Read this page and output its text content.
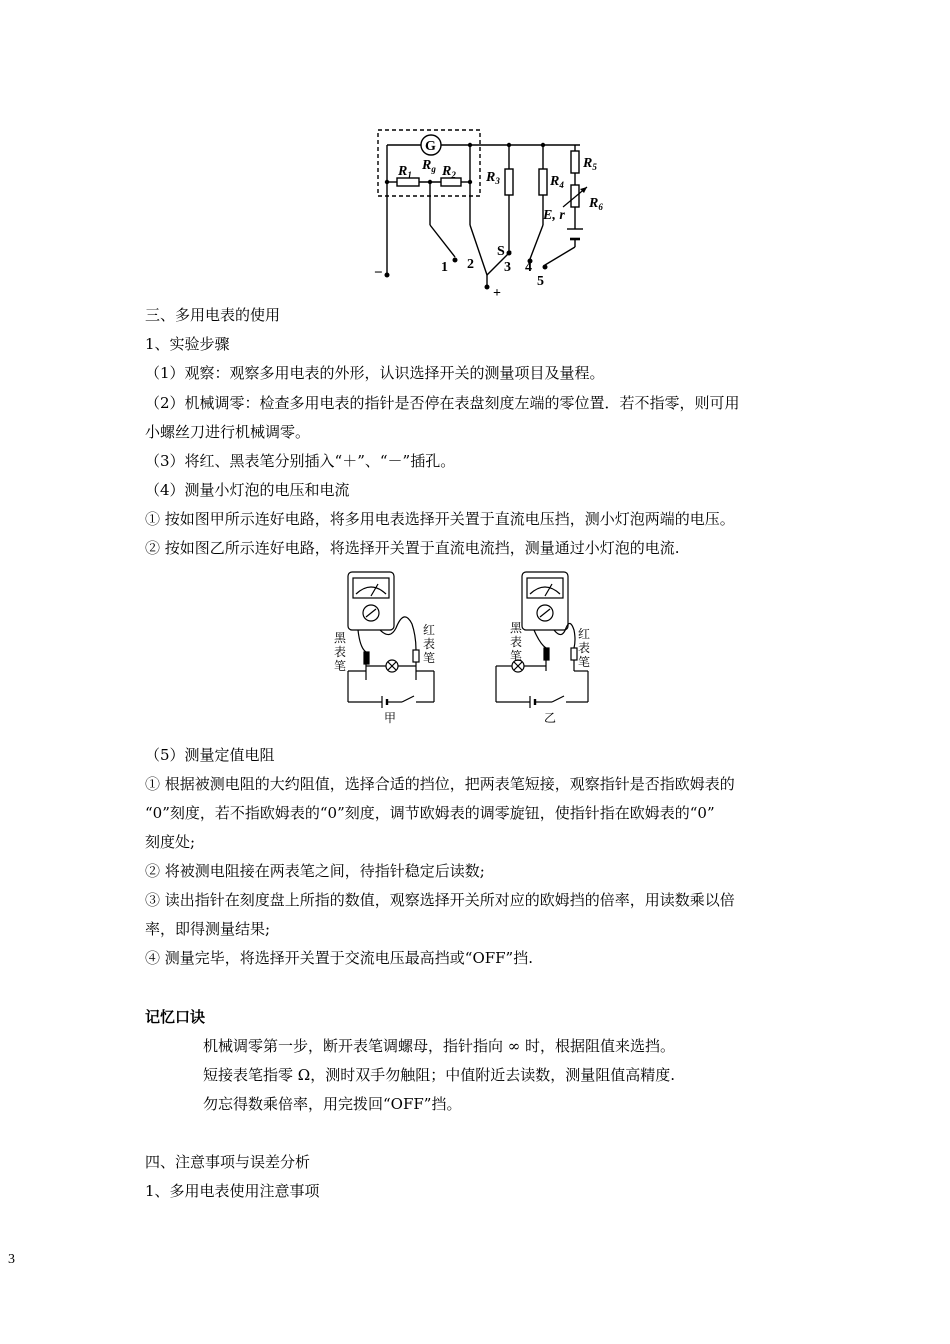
G
$R_g$
$R_1$ $R_2$ $R_3$	$R_4$
$R_5$
$R_6$
E, r
S
−
+
1 2 3 4
5
三、多用电表的使用
1、实验步骤
（1）观察：观察多用电表的外形，认识选择开关的测量项目及量程。
（2）机械调零：检查多用电表的指针是否停在表盘刻度左端的零位置．若不指零，则可用
小螺丝刀进行机械调零。
（3）将红、黑表笔分别插入“＋”、“－”插孔。
（4）测量小灯泡的电压和电流
① 按如图甲所示连好电路，将多用电表选择开关置于直流电压挡，测小灯泡两端的电压。
② 按如图乙所示连好电路，将选择开关置于直流电流挡，测量通过小灯泡的电流.
黑
表
笔
红
表
笔
甲
黑
表
笔
红
表
笔
乙
（5）测量定值电阻
① 根据被测电阻的大约阻值，选择合适的挡位，把两表笔短接，观察指针是否指欧姆表的
“0”刻度，若不指欧姆表的“0”刻度，调节欧姆表的调零旋钮，使指针指在欧姆表的“0”
刻度处;
② 将被测电阻接在两表笔之间，待指针稳定后读数;
③ 读出指针在刻度盘上所指的数值，观察选择开关所对应的欧姆挡的倍率，用读数乘以倍
率，即得测量结果;
④ 测量完毕，将选择开关置于交流电压最高挡或“OFF”挡.
记忆口诀
机械调零第一步，断开表笔调螺母，指针指向 ∞ 时，根据阻值来选挡。
短接表笔指零 Ω，测时双手勿触阻；中值附近去读数，测量阻值高精度.
勿忘得数乘倍率，用完拨回“OFF”挡。
四、注意事项与误差分析
1、多用电表使用注意事项
3
